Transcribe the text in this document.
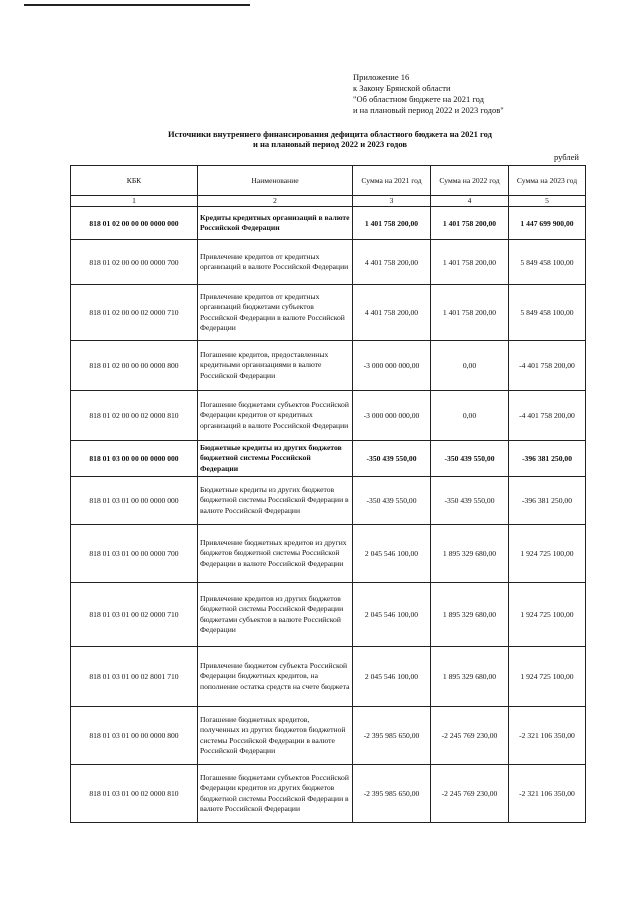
Приложение 16
к Закону Брянской области
"Об областном бюджете на 2021 год
и на плановый период 2022 и 2023 годов"
Источники внутреннего финансирования дефицита областного бюджета на 2021 год
и на плановый период 2022 и 2023 годов
рублей
КБК	Наименование	Сумма на 2021 год	Сумма на 2022 год	Сумма на 2023 год
1	2	3	4	5
818 01 02 00 00 00 0000 000	Кредиты кредитных организаций в валюте Российской Федерации	1 401 758 200,00	1 401 758 200,00	1 447 699 900,00
818 01 02 00 00 00 0000 700	Привлечение кредитов от кредитных организаций в валюте Российской Федерации	4 401 758 200,00	1 401 758 200,00	5 849 458 100,00
818 01 02 00 00 02 0000 710	Привлечение кредитов от кредитных организаций бюджетами субъектов Российской Федерации в валюте Российской Федерации	4 401 758 200,00	1 401 758 200,00	5 849 458 100,00
818 01 02 00 00 00 0000 800	Погашение кредитов, предоставленных кредитными организациями в валюте Российской Федерации	-3 000 000 000,00	0,00	-4 401 758 200,00
818 01 02 00 00 02 0000 810	Погашение бюджетами субъектов Российской Федерации кредитов от кредитных организаций в валюте Российской Федерации	-3 000 000 000,00	0,00	-4 401 758 200,00
818 01 03 00 00 00 0000 000	Бюджетные кредиты из других бюджетов бюджетной системы Российской Федерации	-350 439 550,00	-350 439 550,00	-396 381 250,00
818 01 03 01 00 00 0000 000	Бюджетные кредиты из других бюджетов бюджетной системы Российской Федерации в валюте Российской Федерации	-350 439 550,00	-350 439 550,00	-396 381 250,00
818 01 03 01 00 00 0000 700	Привлечение бюджетных кредитов из других бюджетов бюджетной системы Российской Федерации в валюте Российской Федерации	2 045 546 100,00	1 895 329 680,00	1 924 725 100,00
818 01 03 01 00 02 0000 710	Привлечение кредитов из других бюджетов бюджетной системы Российской Федерации бюджетами субъектов в валюте Российской Федерации	2 045 546 100,00	1 895 329 680,00	1 924 725 100,00
818 01 03 01 00 02 8001 710	Привлечение бюджетом субъекта Российской Федерации бюджетных кредитов, на пополнение остатка средств на счете бюджета	2 045 546 100,00	1 895 329 680,00	1 924 725 100,00
818 01 03 01 00 00 0000 800	Погашение бюджетных кредитов, полученных из других бюджетов бюджетной системы Российской Федерации в валюте Российской Федерации	-2 395 985 650,00	-2 245 769 230,00	-2 321 106 350,00
818 01 03 01 00 02 0000 810	Погашение бюджетами субъектов Российской Федерации кредитов из других бюджетов бюджетной системы Российской Федерации в валюте Российской Федерации	-2 395 985 650,00	-2 245 769 230,00	-2 321 106 350,00
